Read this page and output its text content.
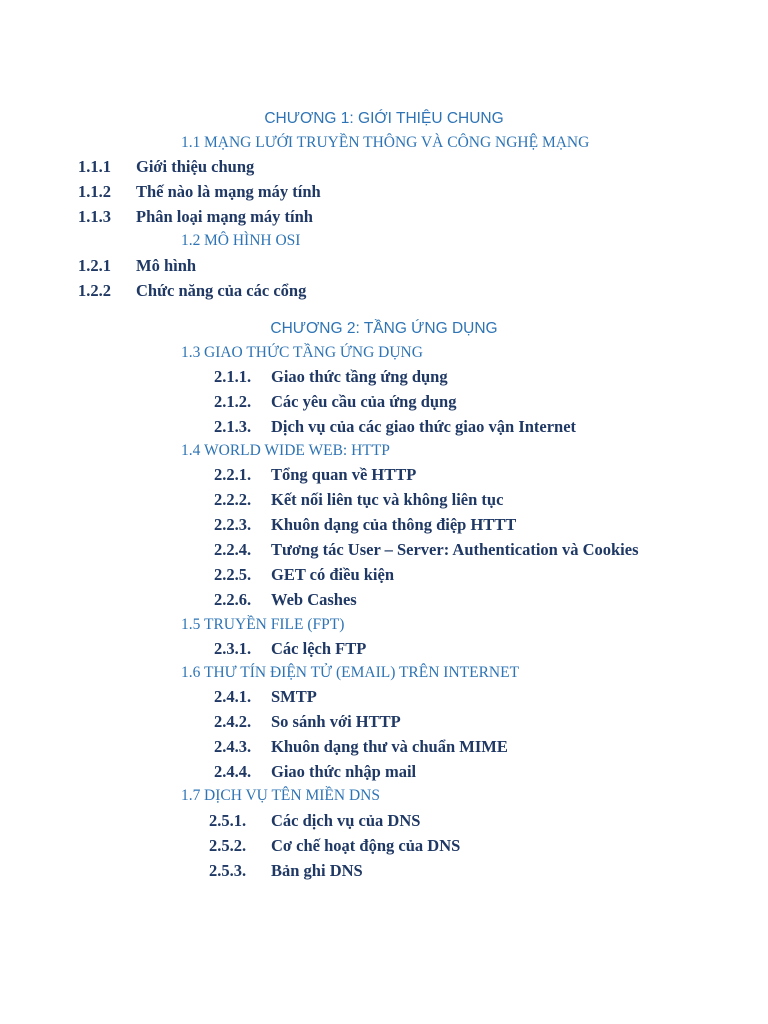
CHƯƠNG 1: GIỚI THIỆU CHUNG
1.1 MẠNG LƯỚI TRUYỀN THÔNG VÀ CÔNG NGHỆ MẠNG
1.1.1 Giới thiệu chung
1.1.2 Thế nào là mạng máy tính
1.1.3 Phân loại mạng máy tính
1.2 MÔ HÌNH OSI
1.2.1 Mô hình
1.2.2 Chức năng của các cổng
CHƯƠNG 2: TẦNG ỨNG DỤNG
1.3 GIAO THỨC TẦNG ỨNG DỤNG
2.1.1. Giao thức tầng ứng dụng
2.1.2. Các yêu cầu của ứng dụng
2.1.3. Dịch vụ của các giao thức giao vận Internet
1.4 WORLD WIDE WEB: HTTP
2.2.1. Tổng quan về HTTP
2.2.2. Kết nối liên tục và không liên tục
2.2.3. Khuôn dạng của thông điệp HTTT
2.2.4. Tương tác User – Server: Authentication và Cookies
2.2.5. GET có điều kiện
2.2.6. Web Cashes
1.5 TRUYỀN FILE (FPT)
2.3.1. Các lệch FTP
1.6 THƯ TÍN ĐIỆN TỬ (EMAIL) TRÊN INTERNET
2.4.1. SMTP
2.4.2. So sánh với HTTP
2.4.3. Khuôn dạng thư và chuẩn MIME
2.4.4. Giao thức nhập mail
1.7 DỊCH VỤ TÊN MIỀN DNS
2.5.1. Các dịch vụ của DNS
2.5.2. Cơ chế hoạt động của DNS
2.5.3. Bản ghi DNS
